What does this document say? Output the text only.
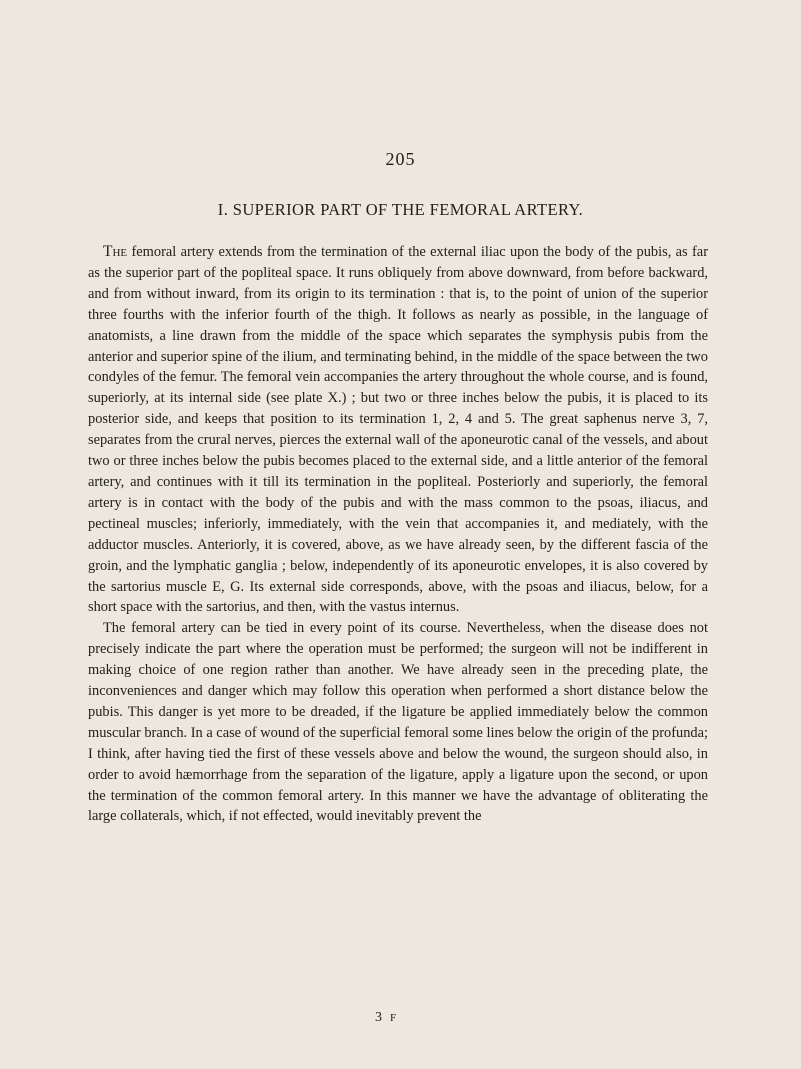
205
I. SUPERIOR PART OF THE FEMORAL ARTERY.

The femoral artery extends from the termination of the external iliac upon the body of the pubis, as far as the superior part of the popliteal space. It runs obliquely from above downward, from before backward, and from without inward, from its origin to its termination : that is, to the point of union of the superior three fourths with the inferior fourth of the thigh. It follows as nearly as possible, in the language of anatomists, a line drawn from the middle of the space which separates the symphysis pubis from the anterior and superior spine of the ilium, and terminating behind, in the middle of the space between the two condyles of the femur. The femoral vein accompanies the artery throughout the whole course, and is found, superiorly, at its internal side (see plate X.) ; but two or three inches below the pubis, it is placed to its posterior side, and keeps that position to its termination 1, 2, 4 and 5. The great saphenus nerve 3, 7, separates from the crural nerves, pierces the external wall of the aponeurotic canal of the vessels, and about two or three inches below the pubis becomes placed to the external side, and a little anterior of the femoral artery, and continues with it till its termination in the popliteal. Posteriorly and superiorly, the femoral artery is in contact with the body of the pubis and with the mass common to the psoas, iliacus, and pectineal muscles; inferiorly, immediately, with the vein that accompanies it, and mediately, with the adductor muscles. Anteriorly, it is covered, above, as we have already seen, by the different fascia of the groin, and the lymphatic ganglia ; below, independently of its aponeurotic envelopes, it is also covered by the sartorius muscle E, G. Its external side corresponds, above, with the psoas and iliacus, below, for a short space with the sartorius, and then, with the vastus internus.

The femoral artery can be tied in every point of its course. Nevertheless, when the disease does not precisely indicate the part where the operation must be performed; the surgeon will not be indifferent in making choice of one region rather than another. We have already seen in the preceding plate, the inconveniences and danger which may follow this operation when performed a short distance below the pubis. This danger is yet more to be dreaded, if the ligature be applied immediately below the common muscular branch. In a case of wound of the superficial femoral some lines below the origin of the profunda; I think, after having tied the first of these vessels above and below the wound, the surgeon should also, in order to avoid hæmorrhage from the separation of the ligature, apply a ligature upon the second, or upon the termination of the common femoral artery. In this manner we have the advantage of obliterating the large collaterals, which, if not effected, would inevitably prevent the

3 F
